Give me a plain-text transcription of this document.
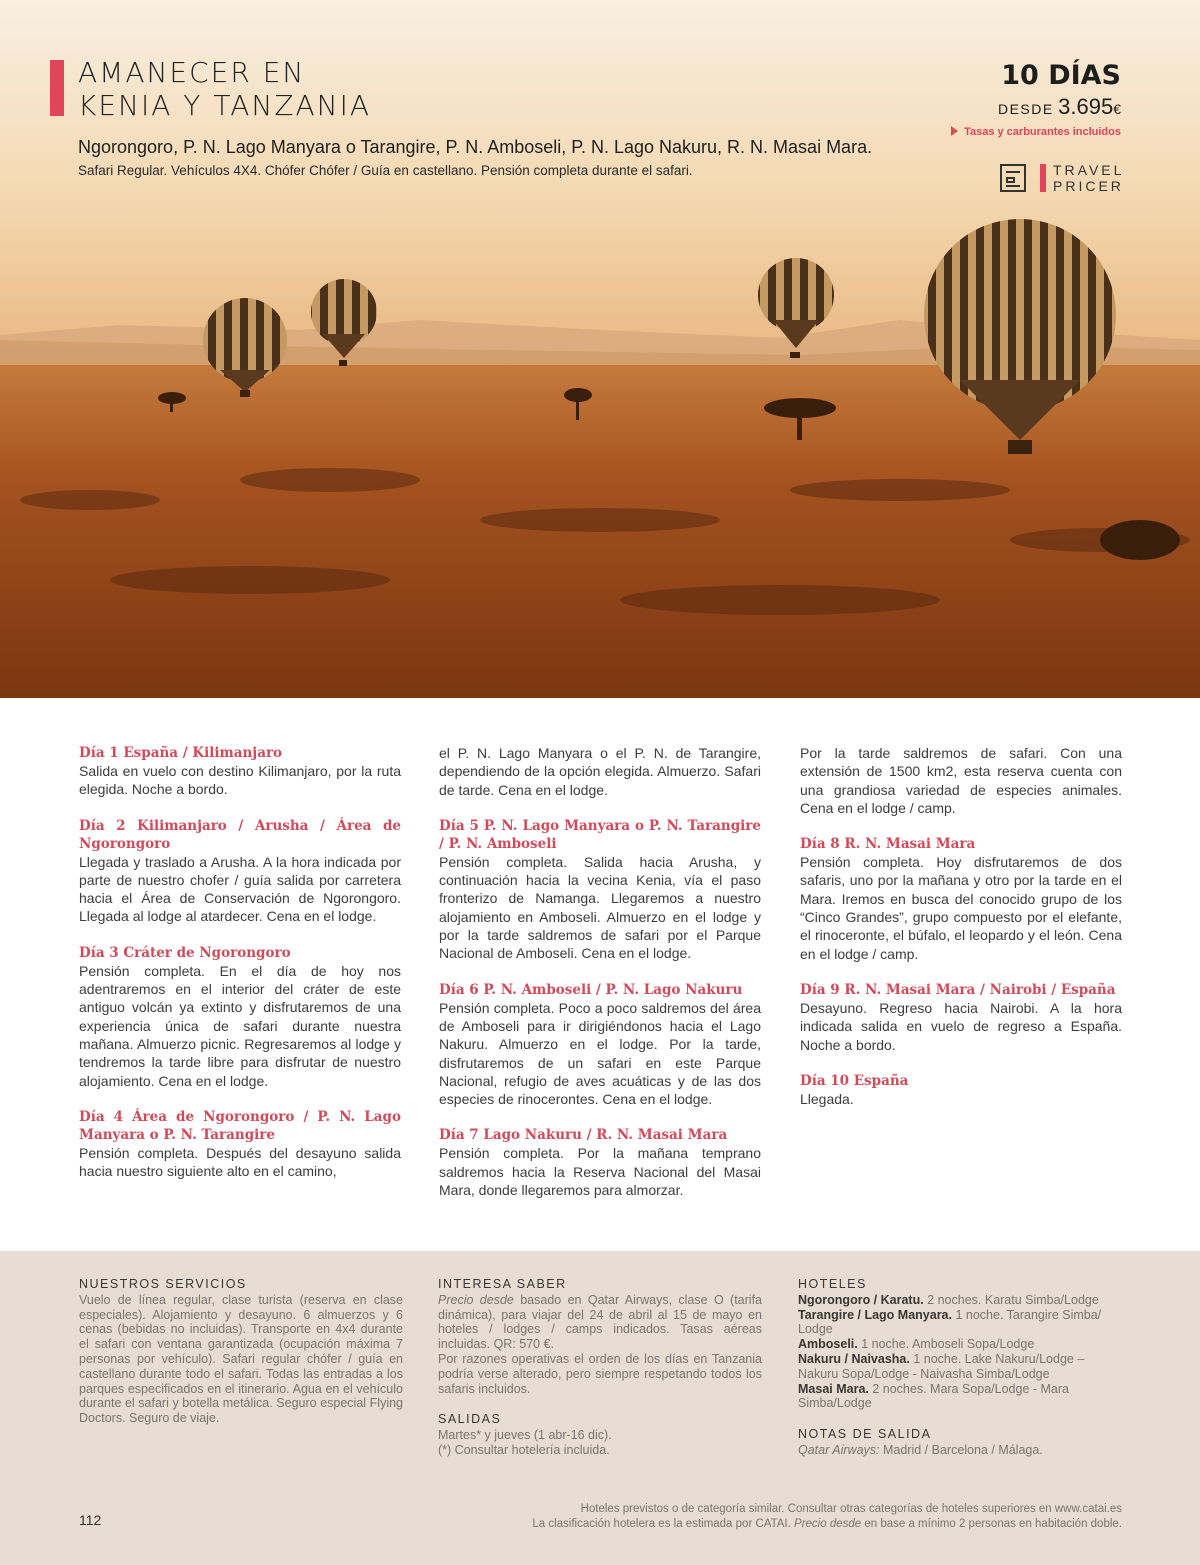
AMANECER EN
KENIA Y TANZANIA
Ngorongoro, P. N. Lago Manyara o Tarangire, P. N. Amboseli, P. N. Lago Nakuru, R. N. Masai Mara.
Safari Regular. Vehículos 4X4. Chófer Chófer / Guía en castellano. Pensión completa durante el safari.
10 DÍAS
DESDE 3.695€
Tasas y carburantes incluidos
TRAVEL
PRICER
Día 1 España / Kilimanjaro
Salida en vuelo con destino Kilimanjaro, por la ruta elegida. Noche a bordo.
Día 2 Kilimanjaro / Arusha / Área de Ngorongoro
Llegada y traslado a Arusha. A la hora indicada por parte de nuestro chofer / guía salida por carretera hacia el Área de Conservación de Ngorongoro. Llegada al lodge al atardecer. Cena en el lodge.
Día 3 Cráter de Ngorongoro
Pensión completa. En el día de hoy nos adentraremos en el interior del cráter de este antiguo volcán ya extinto y disfrutaremos de una experiencia única de safari durante nuestra mañana. Almuerzo picnic. Regresaremos al lodge y tendremos la tarde libre para disfrutar de nuestro alojamiento. Cena en el lodge.
Día 4 Área de Ngorongoro / P. N. Lago Manyara o P. N. Tarangire
Pensión completa. Después del desayuno salida hacia nuestro siguiente alto en el camino,
el P. N. Lago Manyara o el P. N. de Tarangire, dependiendo de la opción elegida. Almuerzo. Safari de tarde. Cena en el lodge.
Día 5 P. N. Lago Manyara o P. N. Tarangire / P. N. Amboseli
Pensión completa. Salida hacia Arusha, y continuación hacia la vecina Kenia, vía el paso fronterizo de Namanga. Llegaremos a nuestro alojamiento en Amboseli. Almuerzo en el lodge y por la tarde saldremos de safari por el Parque Nacional de Amboseli. Cena en el lodge.
Día 6 P. N. Amboseli / P. N. Lago Nakuru
Pensión completa. Poco a poco saldremos del área de Amboseli para ir dirigiéndonos hacia el Lago Nakuru. Almuerzo en el lodge. Por la tarde, disfrutaremos de un safari en este Parque Nacional, refugio de aves acuáticas y de las dos especies de rinocerontes. Cena en el lodge.
Día 7 Lago Nakuru / R. N. Masai Mara
Pensión completa. Por la mañana temprano saldremos hacia la Reserva Nacional del Masai Mara, donde llegaremos para almorzar.
Por la tarde saldremos de safari. Con una extensión de 1500 km2, esta reserva cuenta con una grandiosa variedad de especies animales. Cena en el lodge / camp.
Día 8 R. N. Masai Mara
Pensión completa. Hoy disfrutaremos de dos safaris, uno por la mañana y otro por la tarde en el Mara. Iremos en busca del conocido grupo de los “Cinco Grandes”, grupo compuesto por el elefante, el rinoceronte, el búfalo, el leopardo y el león. Cena en el lodge / camp.
Día 9 R. N. Masai Mara / Nairobi / España
Desayuno. Regreso hacia Nairobi. A la hora indicada salida en vuelo de regreso a España. Noche a bordo.
Día 10 España
Llegada.
NUESTROS SERVICIOS
Vuelo de línea regular, clase turista (reserva en clase especiales). Alojamiento y desayuno. 6 almuerzos y 6 cenas (bebidas no incluidas). Transporte en 4x4 durante el safari con ventana garantizada (ocupación máxima 7 personas por vehículo). Safari regular chófer / guía en castellano durante todo el safari. Todas las entradas a los parques especificados en el itinerario. Agua en el vehículo durante el safari y botella metálica. Seguro especial Flying Doctors. Seguro de viaje.
INTERESA SABER
Precio desde basado en Qatar Airways, clase O (tarifa dinámica), para viajar del 24 de abril al 15 de mayo en hoteles / lodges / camps indicados. Tasas aéreas incluidas. QR: 570 €.
Por razones operativas el orden de los días en Tanzania podría verse alterado, pero siempre respetando todos los safaris incluidos.
SALIDAS
Martes* y jueves (1 abr-16 dic).
(*) Consultar hotelería incluida.
HOTELES
Ngorongoro / Karatu. 2 noches. Karatu Simba/Lodge
Tarangire / Lago Manyara. 1 noche. Tarangire Simba/ Lodge
Amboseli. 1 noche. Amboseli Sopa/Lodge
Nakuru / Naivasha. 1 noche. Lake Nakuru/Lodge – Nakuru Sopa/Lodge - Naivasha Simba/Lodge
Masai Mara. 2 noches. Mara Sopa/Lodge - Mara Simba/Lodge
NOTAS DE SALIDA
Qatar Airways: Madrid / Barcelona / Málaga.
112
Hoteles previstos o de categoría similar. Consultar otras categorías de hoteles superiores en www.catai.es
La clasificación hotelera es la estimada por CATAI. Precio desde en base a mínimo 2 personas en habitación doble.
